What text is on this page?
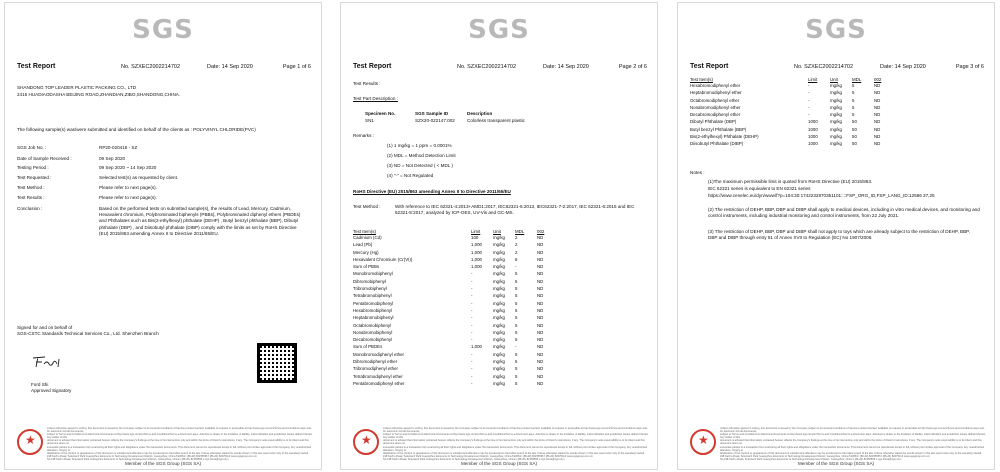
SGS
Test Report	No. SZXEC2002214702	Date: 14 Sep 2020	Page 1 of 6
SHANDONG TOP LEADER PLASTIC PACKING CO., LTD
2415 HUADIAODASHA BEIJING ROAD,ZHANDIAN,ZIBO,SHANDONG,CHINA.
The following sample(s) was/were submitted and identified on behalf of the clients as : POLYVINYL CHLORIDE(PVC)
Conclusion :	Based on the performed tests on submitted sample(s), the results of Lead, Mercury, Cadmium, Hexavalent chromium, Polybrominated biphenyls (PBBs), Polybrominated diphenyl ethers (PBDEs) and Phthalates such as Bis(2-ethylhexyl) phthalate (DEHP) , Butyl benzyl phthalate (BBP), Dibutyl phthalate (DBP) , and Diisobutyl phthalate (DIBP) comply with the limits as set by RoHS Directive (EU) 2015/863 amending Annex II to Directive 2011/65/EU.
Signed for and on behalf of
SGS-CSTC Standards Technical Services Co., Ltd. Shenzhen Branch
Ford Shi
Approved Signatory
★
Unless otherwise agreed in writing, this document is issued by the Company subject to its General Conditions of Service printed overleaf, available on request or accessible at http://www.sgs.com/en/Terms-and-Conditions.aspx and, for electronic format documents,
subject to Terms and Conditions for Electronic Documents at http://www.sgs.com/en/Terms-and-Conditions/Terms-e-Document.aspx. Attention is drawn to the limitation of liability, indemnification and jurisdiction issues defined therein. Any holder of this
document is advised that information contained hereon reflects the Company's findings at the time of its intervention only and within the limits of Client's instructions, if any. The Company's sole responsibility is to its Client and this document does not
exonerate parties to a transaction from exercising all their rights and obligations under the transaction documents. This document cannot be reproduced except in full, without prior written approval of the Company. Any unauthorized alteration, forgery or
falsification of the content or appearance of this document is unlawful and offenders may be prosecuted to the fullest extent of the law. Unless otherwise stated the results shown in this test report refer only to the sample(s) tested.
198 Kezhu Road, Scientech Park Guangzhou Economic & Technology Development District, Guangzhou, China 510663 t (86-20) 82155555 f (86-20) 82075113 www.sgsgroup.com.cn
No.198 Kezhu Road, Scientech Park Guangzhou Economic & Technology Development District, Guangzhou, China t (86-20) 82155555 e sgs.china@sgs.com
Member of the SGS Group (SGS SA)
SGS Job No. :	RP20-020416 - SZ
Date of Sample Received :	09 Sep 2020
Testing Period :	09 Sep 2020 ~ 14 Sep 2020
Test Requested :	Selected test(s) as requested by client.
Test Method :	Please refer to next page(s).
Test Results :	Please refer to next page(s).
SGS
Test Report	No. SZXEC2002214702	Date: 14 Sep 2020	Page 2 of 6
Test Results :
Test Part Description :
Specimen No.	SGS Sample ID	Description
SN1	SZX20-022147.002	Colorless transparent plastic
Remarks :
(1) 1 mg/kg = 1 ppm = 0.0001%
(2) MDL = Method Detection Limit
(3) ND = Not Detected ( < MDL )
(4) "-" = Not Regulated
RoHS Directive (EU) 2015/863 amending Annex II to Directive 2011/65/EU
Test Method :	With reference to IEC 62321-4:2013+AMD1:2017, IEC62321-5:2013, IEC62321-7-2:2017, IEC 62321-6:2015 and IEC 62321-8:2017, analyzed by ICP-OES, UV-Vis and GC-MS.
Test Item(s)	Limit	Unit	MDL	002
Cadmium (Cd)	100	mg/kg	2	ND
Lead (Pb)	1,000	mg/kg	2	ND
Mercury (Hg)	1,000	mg/kg	2	ND
Hexavalent Chromium (Cr(VI))	1,000	mg/kg	8	ND
Sum of PBBs	1,000	mg/kg	-	ND
Monobromobiphenyl	-	mg/kg	5	ND
Dibromobiphenyl	-	mg/kg	5	ND
Tribromobiphenyl	-	mg/kg	5	ND
Tetrabromobiphenyl	-	mg/kg	5	ND
Pentabromobiphenyl	-	mg/kg	5	ND
Hexabromobiphenyl	-	mg/kg	5	ND
Heptabromobiphenyl	-	mg/kg	5	ND
Octabromobiphenyl	-	mg/kg	5	ND
Nonabromobiphenyl	-	mg/kg	5	ND
Decabromobiphenyl	-	mg/kg	5	ND
Sum of PBDEs	1,000	mg/kg	-	ND
Monobromodiphenyl ether	-	mg/kg	5	ND
Dibromodiphenyl ether	-	mg/kg	5	ND
Tribromodiphenyl ether	-	mg/kg	5	ND
Tetrabromodiphenyl ether	-	mg/kg	5	ND
Pentabromodiphenyl ether	-	mg/kg	5	ND
★
Unless otherwise agreed in writing, this document is issued by the Company subject to its General Conditions of Service printed overleaf, available on request or accessible at http://www.sgs.com/en/Terms-and-Conditions.aspx and, for electronic format documents,
subject to Terms and Conditions for Electronic Documents at http://www.sgs.com/en/Terms-and-Conditions/Terms-e-Document.aspx. Attention is drawn to the limitation of liability, indemnification and jurisdiction issues defined therein. Any holder of this
document is advised that information contained hereon reflects the Company's findings at the time of its intervention only and within the limits of Client's instructions, if any. The Company's sole responsibility is to its Client and this document does not
exonerate parties to a transaction from exercising all their rights and obligations under the transaction documents. This document cannot be reproduced except in full, without prior written approval of the Company. Any unauthorized alteration, forgery or
falsification of the content or appearance of this document is unlawful and offenders may be prosecuted to the fullest extent of the law. Unless otherwise stated the results shown in this test report refer only to the sample(s) tested.
198 Kezhu Road, Scientech Park Guangzhou Economic & Technology Development District, Guangzhou, China 510663 t (86-20) 82155555 f (86-20) 82075113 www.sgsgroup.com.cn
No.198 Kezhu Road, Scientech Park Guangzhou Economic & Technology Development District, Guangzhou, China t (86-20) 82155555 e sgs.china@sgs.com
Member of the SGS Group (SGS SA)
SGS
Test Report	No. SZXEC2002214702	Date: 14 Sep 2020	Page 3 of 6
Test Item(s)	Limit	Unit	MDL	002
Hexabromodiphenyl ether	-	mg/kg	5	ND
Heptabromodiphenyl ether	-	mg/kg	5	ND
Octabromodiphenyl ether	-	mg/kg	5	ND
Nonabromodiphenyl ether	-	mg/kg	5	ND
Decabromodiphenyl ether	-	mg/kg	5	ND
Dibutyl Phthalate (DBP)	1000	mg/kg	50	ND
Butyl benzyl Phthalate (BBP)	1000	mg/kg	50	ND
Bis(2-ethylhexyl) Phthalate (DEHP)	1000	mg/kg	50	ND
Diisobutyl Phthalate (DIBP)	1000	mg/kg	50	ND
Notes :
(1)The maximum permissible limit is quoted from RoHS Directive (EU) 2015/863.
IEC 62321 series is equivalent to EN 62321 series
https://www.cenelec.eu/dyn/www/f?p=104:30:1742232870351101::::FSP_ORG_ID,FSP_LANG_ID:12586 37,25
(2) The restriction of DEHP, BBP, DBP and DIBP shall apply to medical devices, including in vitro medical devices, and monitoring and control instruments, including industrial monitoring and control instruments, from 22 July 2021.
(3) The restriction of DEHP, BBP, DBP and DIBP shall not apply to toys which are already subject to the restriction of DEHP, BBP, DBP and DIBP through entry 51 of Annex XVII to Regulation (EC) No 1907/2006.
★
Unless otherwise agreed in writing, this document is issued by the Company subject to its General Conditions of Service printed overleaf, available on request or accessible at http://www.sgs.com/en/Terms-and-Conditions.aspx and, for electronic format documents,
subject to Terms and Conditions for Electronic Documents at http://www.sgs.com/en/Terms-and-Conditions/Terms-e-Document.aspx. Attention is drawn to the limitation of liability, indemnification and jurisdiction issues defined therein. Any holder of this
document is advised that information contained hereon reflects the Company's findings at the time of its intervention only and within the limits of Client's instructions, if any. The Company's sole responsibility is to its Client and this document does not
exonerate parties to a transaction from exercising all their rights and obligations under the transaction documents. This document cannot be reproduced except in full, without prior written approval of the Company. Any unauthorized alteration, forgery or
falsification of the content or appearance of this document is unlawful and offenders may be prosecuted to the fullest extent of the law. Unless otherwise stated the results shown in this test report refer only to the sample(s) tested.
198 Kezhu Road, Scientech Park Guangzhou Economic & Technology Development District, Guangzhou, China 510663 t (86-20) 82155555 f (86-20) 82075113 www.sgsgroup.com.cn
No.198 Kezhu Road, Scientech Park Guangzhou Economic & Technology Development District, Guangzhou, China t (86-20) 82155555 e sgs.china@sgs.com
Member of the SGS Group (SGS SA)
